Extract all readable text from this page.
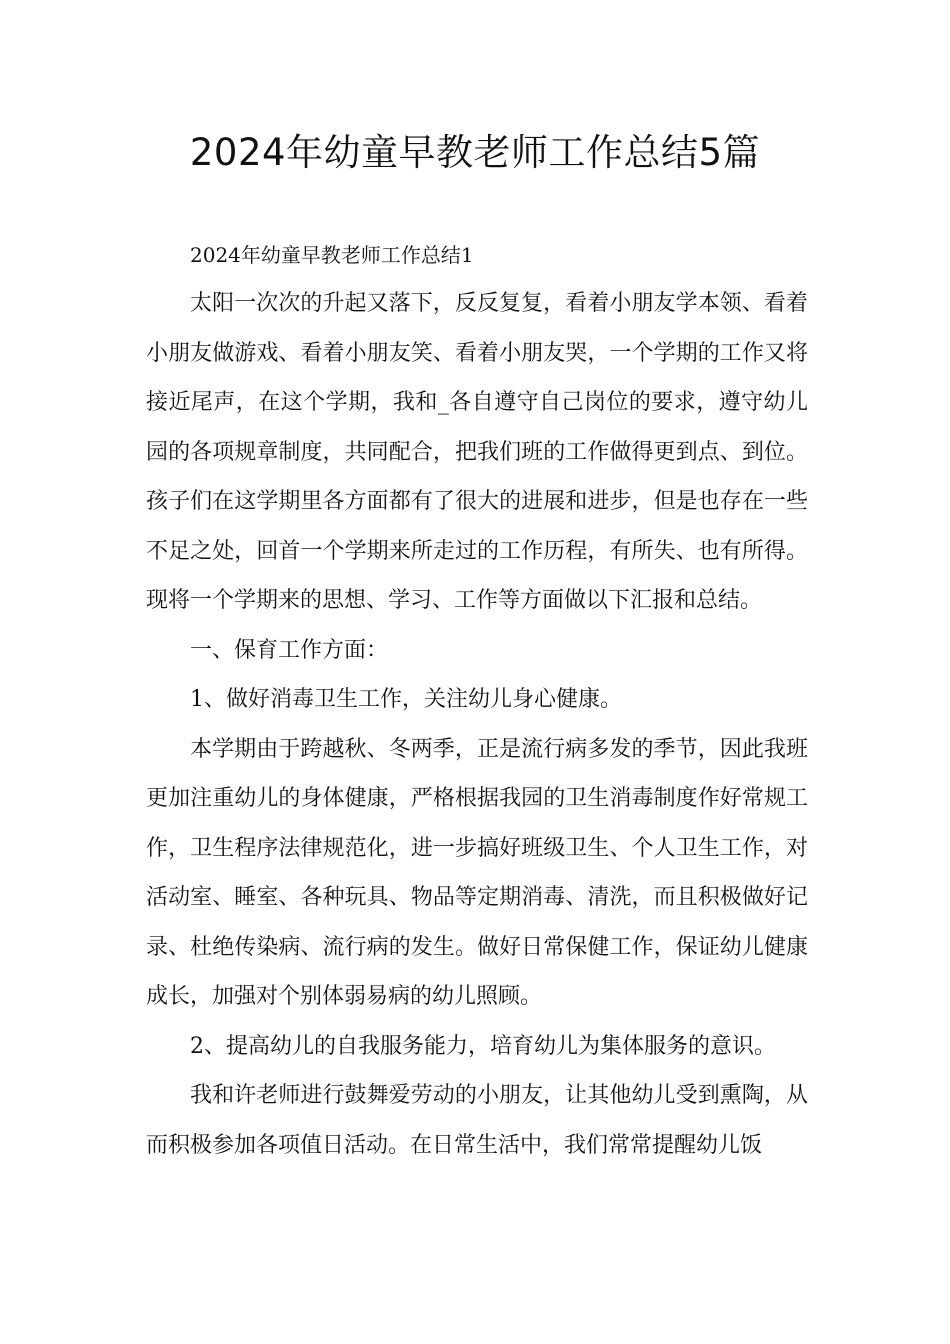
2024年幼童早教老师工作总结5篇

2024年幼童早教老师工作总结1

太阳一次次的升起又落下，反反复复，看着小朋友学本领、看着小朋友做游戏、看着小朋友笑、看着小朋友哭，一个学期的工作又将接近尾声，在这个学期，我和_各自遵守自己岗位的要求，遵守幼儿园的各项规章制度，共同配合，把我们班的工作做得更到点、到位。孩子们在这学期里各方面都有了很大的进展和进步，但是也存在一些不足之处，回首一个学期来所走过的工作历程，有所失、也有所得。现将一个学期来的思想、学习、工作等方面做以下汇报和总结。

一、保育工作方面：

1、做好消毒卫生工作，关注幼儿身心健康。

本学期由于跨越秋、冬两季，正是流行病多发的季节，因此我班更加注重幼儿的身体健康，严格根据我园的卫生消毒制度作好常规工作，卫生程序法律规范化，进一步搞好班级卫生、个人卫生工作，对活动室、睡室、各种玩具、物品等定期消毒、清洗，而且积极做好记录、杜绝传染病、流行病的发生。做好日常保健工作，保证幼儿健康成长，加强对个别体弱易病的幼儿照顾。

2、提高幼儿的自我服务能力，培育幼儿为集体服务的意识。

我和许老师进行鼓舞爱劳动的小朋友，让其他幼儿受到熏陶，从而积极参加各项值日活动。在日常生活中，我们常常提醒幼儿饭
